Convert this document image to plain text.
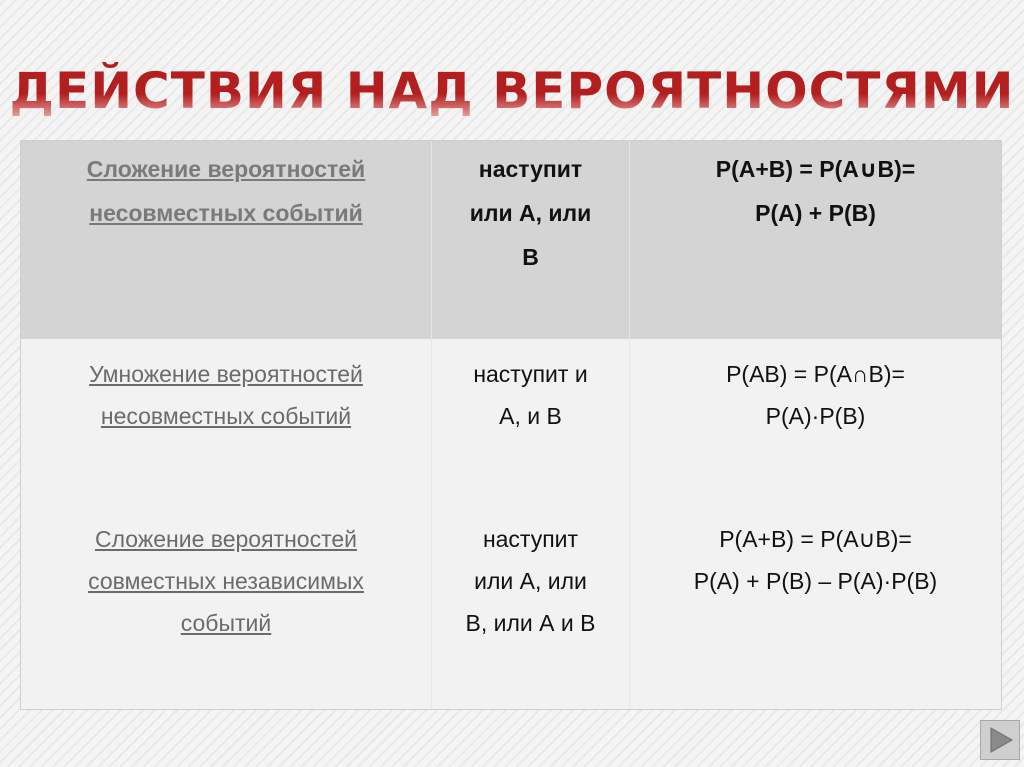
ДЕЙСТВИЯ НАД ВЕРОЯТНОСТЯМИ
Сложение вероятностей
несовместных событий
наступит
или А, или
В
P(A+B) = P(A∪B)=
P(A) + P(B)
Умножение вероятностей
несовместных событий
наступит и
А, и В
P(AB) = P(A∩B)=
P(A)·P(B)
Сложение вероятностей
совместных независимых
событий
наступит
или А, или
В, или А и В
P(A+B) = P(A∪B)=
P(A) + P(B) – P(A)·P(B)
